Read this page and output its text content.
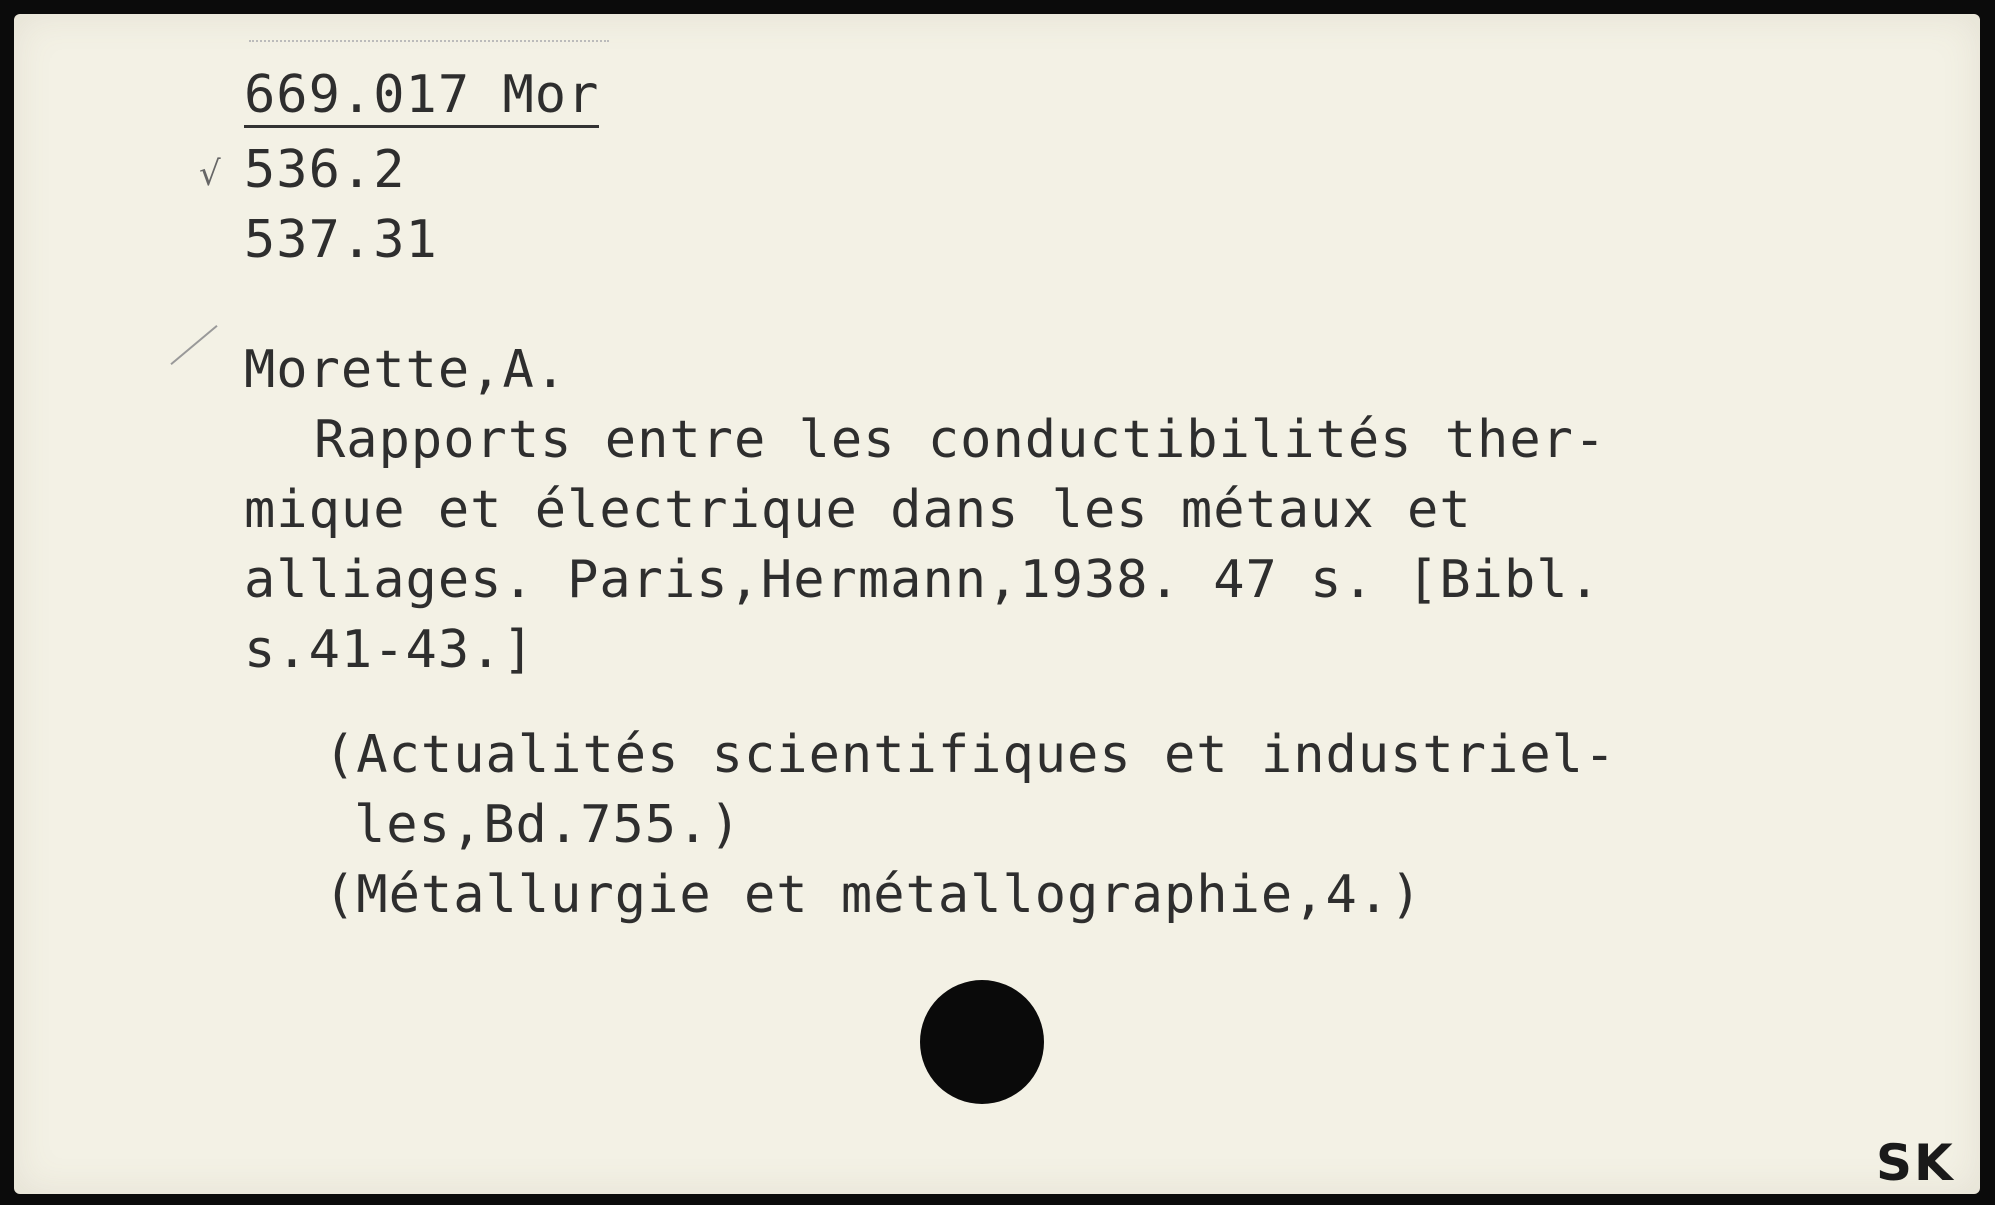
669.017 Mor
√ 536.2
537.31
Morette,A.
Rapports entre les conductibilités ther-
mique et électrique dans les métaux et
alliages. Paris,Hermann,1938. 47 s. [Bibl.
s.41-43.]
(Actualités scientifiques et industriel-
les,Bd.755.)
(Métallurgie et métallographie,4.)
SK
